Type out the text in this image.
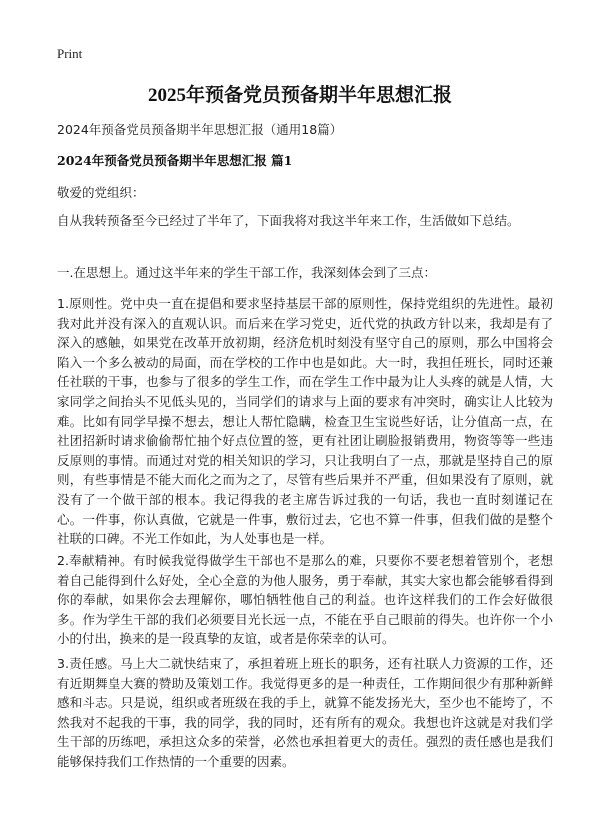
Print
2025年预备党员预备期半年思想汇报
2024年预备党员预备期半年思想汇报（通用18篇）
2024年预备党员预备期半年思想汇报 篇1
敬爱的党组织：
自从我转预备至今已经过了半年了，下面我将对我这半年来工作，生活做如下总结。
一.在思想上。通过这半年来的学生干部工作，我深刻体会到了三点：
1.原则性。党中央一直在提倡和要求坚持基层干部的原则性，保持党组织的先进性。最初我对此并没有深入的直观认识。而后来在学习党史，近代党的执政方针以来，我却是有了深入的感触，如果党在改革开放初期，经济危机时刻没有坚守自己的原则，那么中国将会陷入一个多么被动的局面，而在学校的工作中也是如此。大一时，我担任班长，同时还兼任社联的干事，也参与了很多的学生工作，而在学生工作中最为让人头疼的就是人情，大家同学之间抬头不见低头见的，当同学们的请求与上面的要求有冲突时，确实让人比较为难。比如有同学早操不想去，想让人帮忙隐瞒，检查卫生宝说些好话，让分值高一点，在社团招新时请求偷偷帮忙抽个好点位置的签，更有社团让刷脸报销费用，物资等等一些违反原则的事情。而通过对党的相关知识的学习，只让我明白了一点，那就是坚持自己的原则，有些事情是不能大而化之而为之了，尽管有些后果并不严重，但如果没有了原则，就没有了一个做干部的根本。我记得我的老主席告诉过我的一句话，我也一直时刻谨记在心。一件事，你认真做，它就是一件事，敷衍过去，它也不算一件事，但我们做的是整个社联的口碑。不光工作如此，为人处事也是一样。
2.奉献精神。有时候我觉得做学生干部也不是那么的难，只要你不要老想着管别个，老想着自己能得到什么好处，全心全意的为他人服务，勇于奉献，其实大家也都会能够看得到你的奉献，如果你会去理解你，哪怕牺牲他自己的利益。也许这样我们的工作会好做很多。作为学生干部的我们必须要目光长远一点，不能在乎自己眼前的得失。也许你一个小小的付出，换来的是一段真挚的友谊，或者是你荣幸的认可。
3.责任感。马上大二就快结束了，承担着班上班长的职务，还有社联人力资源的工作，还有近期舞皇大赛的赞助及策划工作。我觉得更多的是一种责任，工作期间很少有那种新鲜感和斗志。只是说，组织或者班级在我的手上，就算不能发扬光大，至少也不能垮了，不然我对不起我的干事，我的同学，我的同时，还有所有的观众。我想也许这就是对我们学生干部的历练吧，承担这众多的荣誉，必然也承担着更大的责任。强烈的责任感也是我们能够保持我们工作热情的一个重要的因素。
